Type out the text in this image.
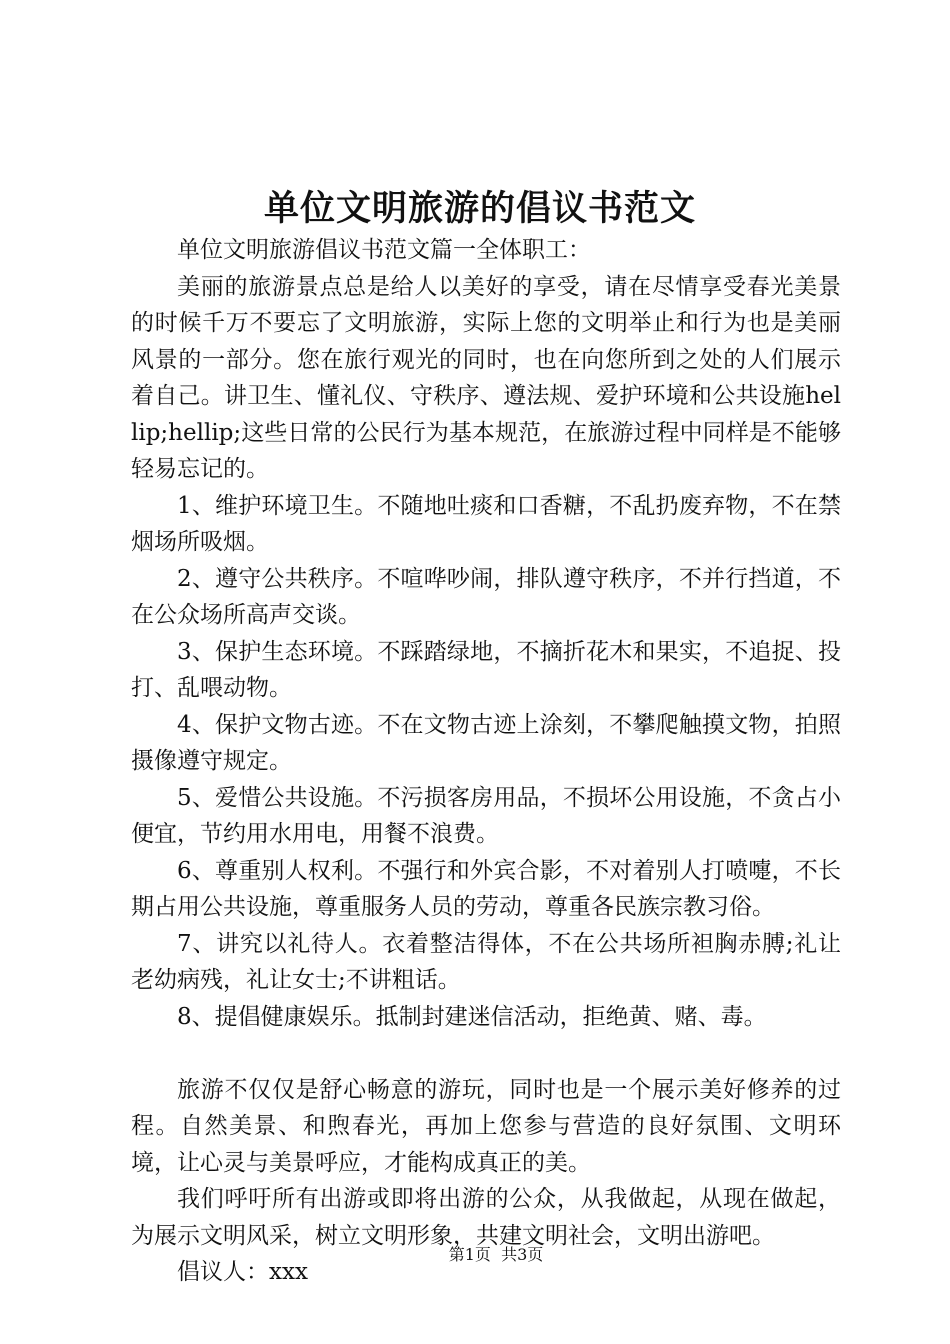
单位文明旅游的倡议书范文

单位文明旅游倡议书范文篇一全体职工：

美丽的旅游景点总是给人以美好的享受，请在尽情享受春光美景的时候千万不要忘了文明旅游，实际上您的文明举止和行为也是美丽风景的一部分。您在旅行观光的同时，也在向您所到之处的人们展示着自己。讲卫生、懂礼仪、守秩序、遵法规、爱护环境和公共设施hellip;hellip;这些日常的公民行为基本规范，在旅游过程中同样是不能够轻易忘记的。

1、维护环境卫生。不随地吐痰和口香糖，不乱扔废弃物，不在禁烟场所吸烟。

2、遵守公共秩序。不喧哗吵闹，排队遵守秩序，不并行挡道，不在公众场所高声交谈。

3、保护生态环境。不踩踏绿地，不摘折花木和果实，不追捉、投打、乱喂动物。

4、保护文物古迹。不在文物古迹上涂刻，不攀爬触摸文物，拍照摄像遵守规定。

5、爱惜公共设施。不污损客房用品，不损坏公用设施，不贪占小便宜，节约用水用电，用餐不浪费。

6、尊重别人权利。不强行和外宾合影，不对着别人打喷嚏，不长期占用公共设施，尊重服务人员的劳动，尊重各民族宗教习俗。

7、讲究以礼待人。衣着整洁得体，不在公共场所袒胸赤膊;礼让老幼病残，礼让女士;不讲粗话。

8、提倡健康娱乐。抵制封建迷信活动，拒绝黄、赌、毒。

旅游不仅仅是舒心畅意的游玩，同时也是一个展示美好修养的过程。自然美景、和煦春光，再加上您参与营造的良好氛围、文明环境，让心灵与美景呼应，才能构成真正的美。

我们呼吁所有出游或即将出游的公众，从我做起，从现在做起，为展示文明风采，树立文明形象，共建文明社会，文明出游吧。

倡议人：xxx

第1页 共3页
